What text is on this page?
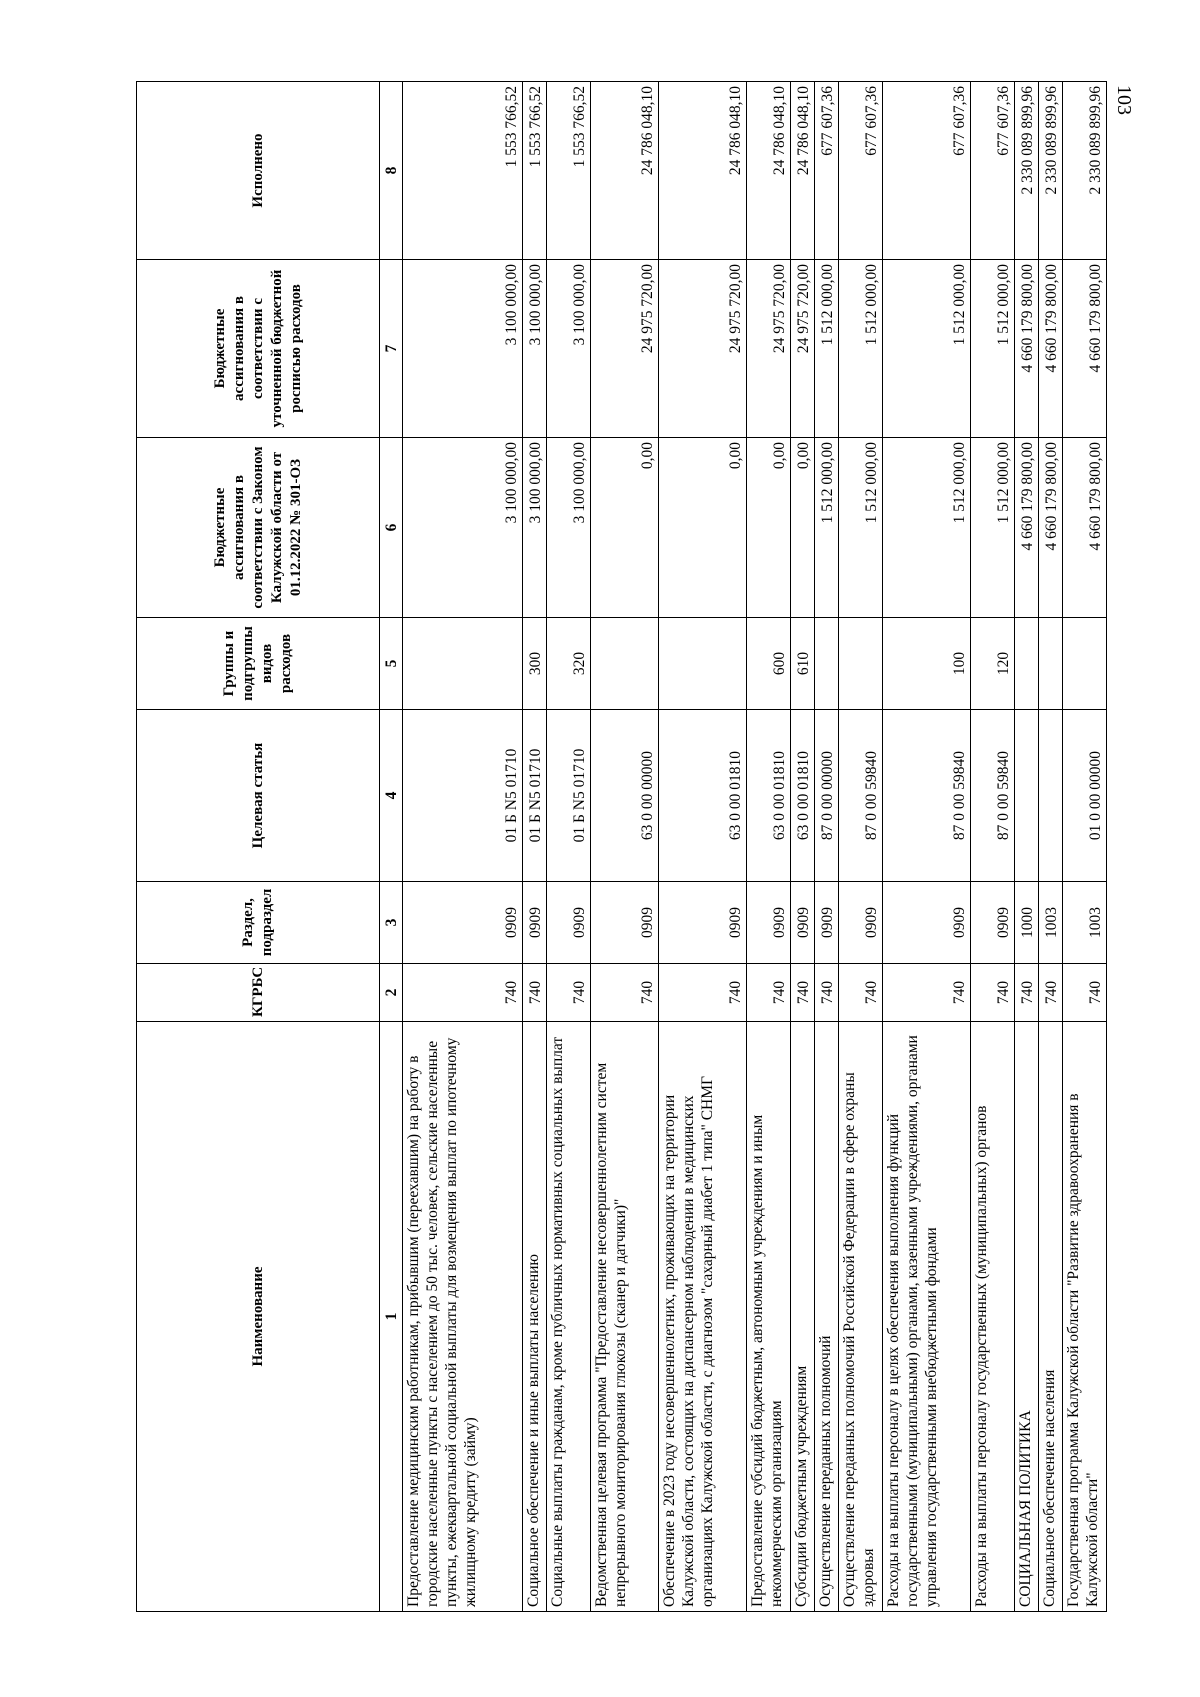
103
Наименование	КГРБС	Раздел, подраздел	Целевая статья	Группы и подгруппы видов расходов	Бюджетные ассигнования в соответствии с Законом Калужской области от 01.12.2022 № 301-ОЗ	Бюджетные ассигнования в соответствии с уточненной бюджетной росписью расходов	Исполнено
1	2	3	4	5	6	7	8
Предоставление медицинским работникам, прибывшим (переехавшим) на работу в городские населенные пункты с населением до 50 тыс. человек, сельские населенные пункты, ежеквартальной социальной выплаты для возмещения выплат по ипотечному жилищному кредиту (займу)	740	0909	01 Б N5 01710		3 100 000,00	3 100 000,00	1 553 766,52
Социальное обеспечение и иные выплаты населению	740	0909	01 Б N5 01710	300	3 100 000,00	3 100 000,00	1 553 766,52
Социальные выплаты гражданам, кроме публичных нормативных социальных выплат	740	0909	01 Б N5 01710	320	3 100 000,00	3 100 000,00	1 553 766,52
Ведомственная целевая программа "Предоставление несовершеннолетним систем непрерывного мониторирования глюкозы (сканер и датчики)"	740	0909	63 0 00 00000		0,00	24 975 720,00	24 786 048,10
Обеспечение в 2023 году несовершеннолетних, проживающих на территории Калужской области, состоящих на диспансерном наблюдении в медицинских организациях Калужской области, с диагнозом "сахарный диабет 1 типа" СНМГ	740	0909	63 0 00 01810		0,00	24 975 720,00	24 786 048,10
Предоставление субсидий бюджетным, автономным учреждениям и иным некоммерческим организациям	740	0909	63 0 00 01810	600	0,00	24 975 720,00	24 786 048,10
Субсидии бюджетным учреждениям	740	0909	63 0 00 01810	610	0,00	24 975 720,00	24 786 048,10
Осуществление переданных полномочий	740	0909	87 0 00 00000		1 512 000,00	1 512 000,00	677 607,36
Осуществление переданных полномочий Российской Федерации в сфере охраны здоровья	740	0909	87 0 00 59840		1 512 000,00	1 512 000,00	677 607,36
Расходы на выплаты персоналу в целях обеспечения выполнения функций государственными (муниципальными) органами, казенными учреждениями, органами управления государственными внебюджетными фондами	740	0909	87 0 00 59840	100	1 512 000,00	1 512 000,00	677 607,36
Расходы на выплаты персоналу государственных (муниципальных) органов	740	0909	87 0 00 59840	120	1 512 000,00	1 512 000,00	677 607,36
СОЦИАЛЬНАЯ ПОЛИТИКА	740	1000			4 660 179 800,00	4 660 179 800,00	2 330 089 899,96
Социальное обеспечение населения	740	1003			4 660 179 800,00	4 660 179 800,00	2 330 089 899,96
Государственная программа Калужской области "Развитие здравоохранения в Калужской области"	740	1003	01 0 00 00000		4 660 179 800,00	4 660 179 800,00	2 330 089 899,96
